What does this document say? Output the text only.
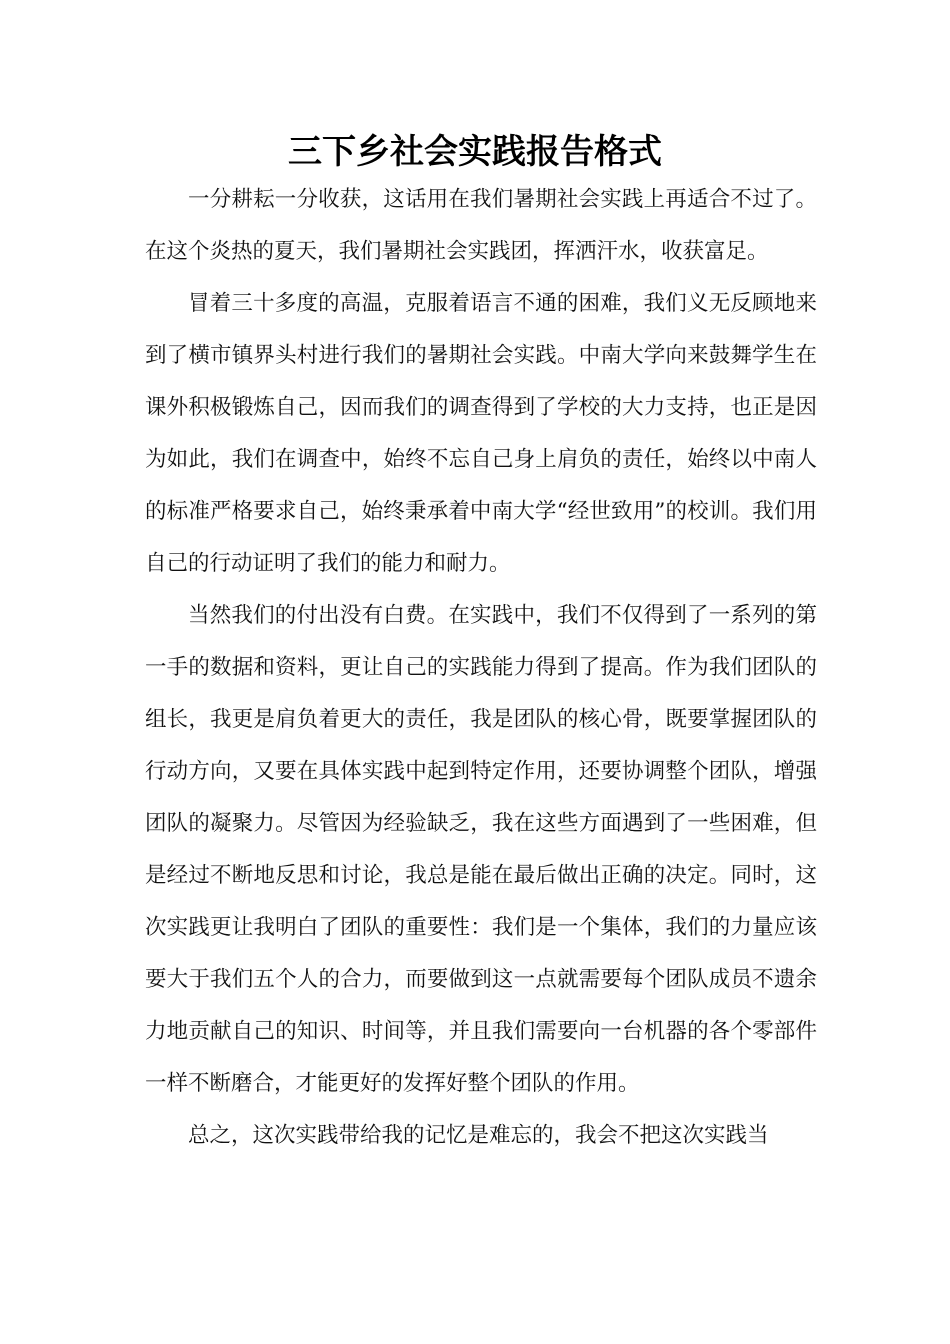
三下乡社会实践报告格式

一分耕耘一分收获，这话用在我们暑期社会实践上再适合不过了。在这个炎热的夏天，我们暑期社会实践团，挥洒汗水，收获富足。

冒着三十多度的高温，克服着语言不通的困难，我们义无反顾地来到了横市镇界头村进行我们的暑期社会实践。中南大学向来鼓舞学生在课外积极锻炼自己，因而我们的调查得到了学校的大力支持，也正是因为如此，我们在调查中，始终不忘自己身上肩负的责任，始终以中南人的标准严格要求自己，始终秉承着中南大学“经世致用”的校训。我们用自己的行动证明了我们的能力和耐力。

当然我们的付出没有白费。在实践中，我们不仅得到了一系列的第一手的数据和资料，更让自己的实践能力得到了提高。作为我们团队的组长，我更是肩负着更大的责任，我是团队的核心骨，既要掌握团队的行动方向，又要在具体实践中起到特定作用，还要协调整个团队，增强团队的凝聚力。尽管因为经验缺乏，我在这些方面遇到了一些困难，但是经过不断地反思和讨论，我总是能在最后做出正确的决定。同时，这次实践更让我明白了团队的重要性：我们是一个集体，我们的力量应该要大于我们五个人的合力，而要做到这一点就需要每个团队成员不遗余力地贡献自己的知识、时间等，并且我们需要向一台机器的各个零部件一样不断磨合，才能更好的发挥好整个团队的作用。

总之，这次实践带给我的记忆是难忘的，我会不把这次实践当
